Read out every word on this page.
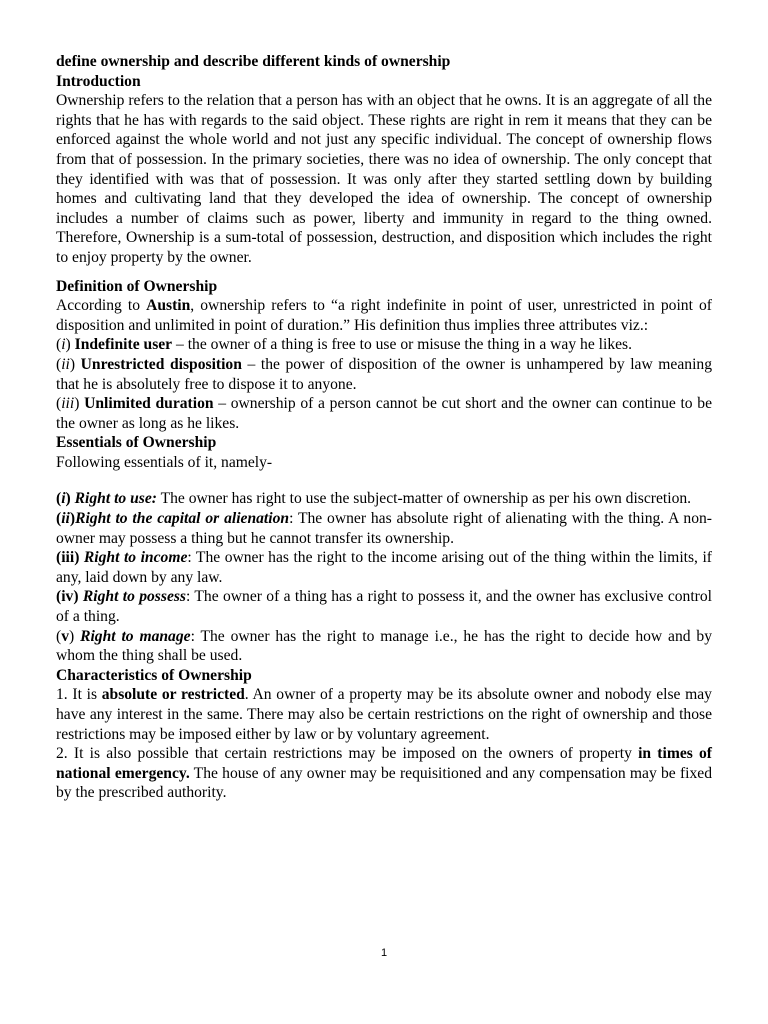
define ownership and describe different kinds of ownership

Introduction

Ownership refers to the relation that a person has with an object that he owns. It is an aggregate of all the rights that he has with regards to the said object. These rights are right in rem it means that they can be enforced against the whole world and not just any specific individual. The concept of ownership flows from that of possession. In the primary societies, there was no idea of ownership. The only concept that they identified with was that of possession. It was only after they started settling down by building homes and cultivating land that they developed the idea of ownership. The concept of ownership includes a number of claims such as power, liberty and immunity in regard to the thing owned. Therefore, Ownership is a sum-total of possession, destruction, and disposition which includes the right to enjoy property by the owner.

Definition of Ownership

According to Austin, ownership refers to “a right indefinite in point of user, unrestricted in point of disposition and unlimited in point of duration.” His definition thus implies three attributes viz.:

(i) Indefinite user – the owner of a thing is free to use or misuse the thing in a way he likes.

(ii) Unrestricted disposition – the power of disposition of the owner is unhampered by law meaning that he is absolutely free to dispose it to anyone.

(iii) Unlimited duration – ownership of a person cannot be cut short and the owner can continue to be the owner as long as he likes.

Essentials of Ownership

Following essentials of it, namely-

(i) Right to use: The owner has right to use the subject-matter of ownership as per his own discretion.

(ii)Right to the capital or alienation: The owner has absolute right of alienating with the thing. A non-owner may possess a thing but he cannot transfer its ownership.

(iii) Right to income: The owner has the right to the income arising out of the thing within the limits, if any, laid down by any law.

(iv) Right to possess: The owner of a thing has a right to possess it, and the owner has exclusive control of a thing.

(v) Right to manage: The owner has the right to manage i.e., he has the right to decide how and by whom the thing shall be used.

Characteristics of Ownership

1. It is absolute or restricted. An owner of a property may be its absolute owner and nobody else may have any interest in the same. There may also be certain restrictions on the right of ownership and those restrictions may be imposed either by law or by voluntary agreement.

2. It is also possible that certain restrictions may be imposed on the owners of property in times of national emergency. The house of any owner may be requisitioned and any compensation may be fixed by the prescribed authority.

1
